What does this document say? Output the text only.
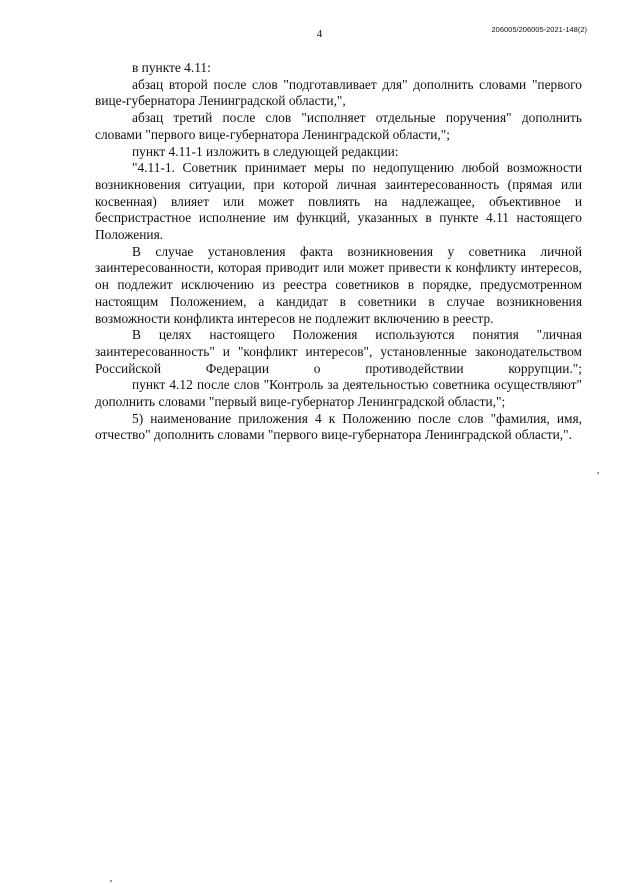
4	206005/206005-2021-148(2)

в пункте 4.11:

абзац второй после слов "подготавливает для" дополнить словами "первого вице-губернатора Ленинградской области,",

абзац третий после слов "исполняет отдельные поручения" дополнить словами "первого вице-губернатора Ленинградской области,";

пункт 4.11-1 изложить в следующей редакции:

"4.11-1. Советник принимает меры по недопущению любой возможности возникновения ситуации, при которой личная заинтересованность (прямая или косвенная) влияет или может повлиять на надлежащее, объективное и беспристрастное исполнение им функций, указанных в пункте 4.11 настоящего Положения.

В случае установления факта возникновения у советника личной заинтересованности, которая приводит или может привести к конфликту интересов, он подлежит исключению из реестра советников в порядке, предусмотренном настоящим Положением, а кандидат в советники в случае возникновения возможности конфликта интересов не подлежит включению в реестр.

В целях настоящего Положения используются понятия "личная заинтересованность" и "конфликт интересов", установленные законодательством Российской Федерации о противодействии коррупции.";

пункт 4.12 после слов "Контроль за деятельностью советника осуществляют" дополнить словами "первый вице-губернатор Ленинградской области,";

5) наименование приложения 4 к Положению после слов "фамилия, имя, отчество" дополнить словами "первого вице-губернатора Ленинградской области,".
